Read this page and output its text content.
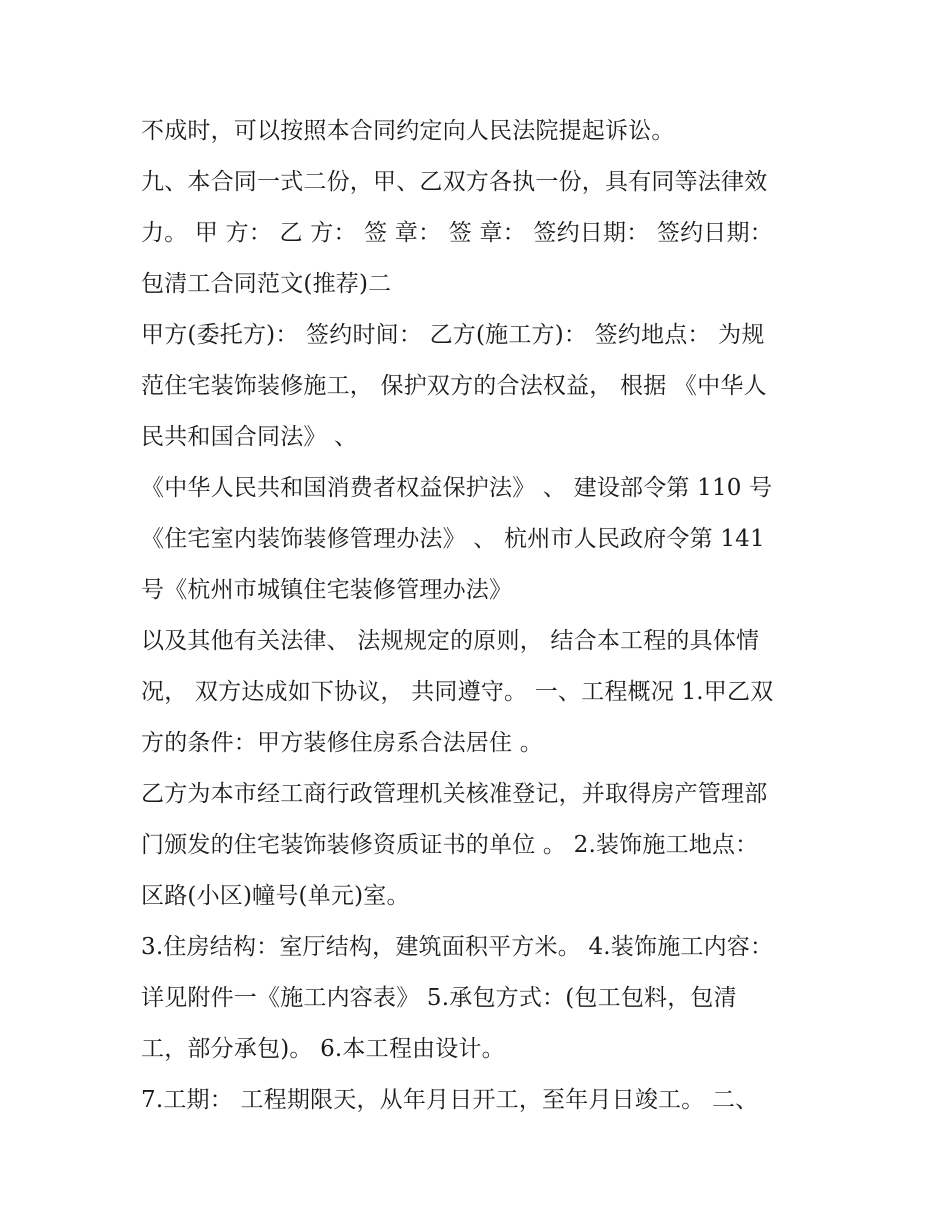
不成时，可以按照本合同约定向人民法院提起诉讼。
九、本合同一式二份，甲、乙双方各执一份，具有同等法律效
力。 甲 方： 乙 方： 签 章： 签 章： 签约日期： 签约日期：
包清工合同范文(推荐)二
甲方(委托方)： 签约时间： 乙方(施工方)： 签约地点： 为规
范住宅装饰装修施工， 保护双方的合法权益， 根据 《中华人
民共和国合同法》 、
《中华人民共和国消费者权益保护法》 、 建设部令第 110 号
《住宅室内装饰装修管理办法》 、 杭州市人民政府令第 141
号《杭州市城镇住宅装修管理办法》
以及其他有关法律、 法规规定的原则， 结合本工程的具体情
况， 双方达成如下协议， 共同遵守。 一、工程概况 1.甲乙双
方的条件：甲方装修住房系合法居住 。
乙方为本市经工商行政管理机关核准登记，并取得房产管理部
门颁发的住宅装饰装修资质证书的单位 。 2.装饰施工地点：
区路(小区)幢号(单元)室。
3.住房结构：室厅结构，建筑面积平方米。 4.装饰施工内容：
详见附件一《施工内容表》 5.承包方式：(包工包料，包清
工，部分承包)。 6.本工程由设计。
7.工期： 工程期限天，从年月日开工，至年月日竣工。 二、
